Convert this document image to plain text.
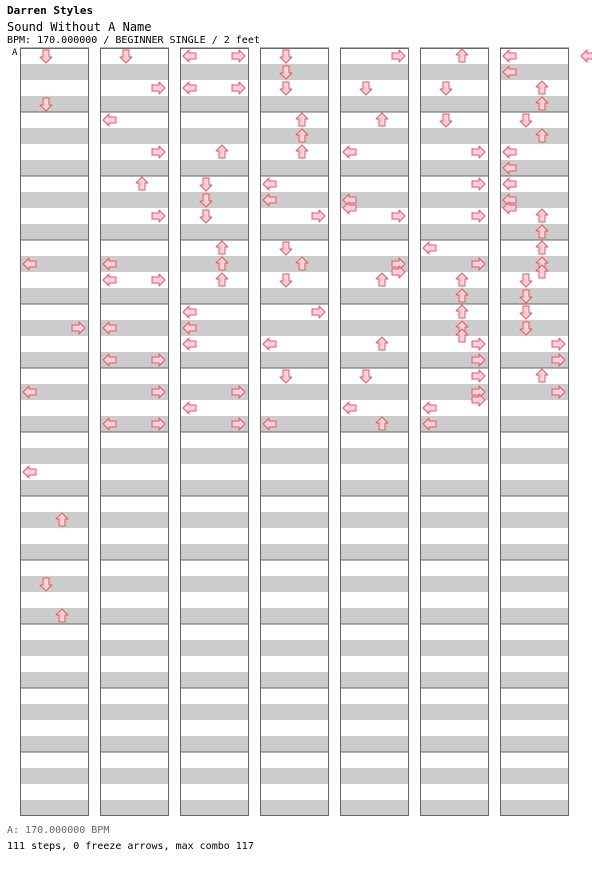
Darren Styles
Sound Without A Name
BPM: 170.000000 / BEGINNER SINGLE / 2 feet
A
A: 170.000000 BPM
111 steps, 0 freeze arrows, max combo 117
